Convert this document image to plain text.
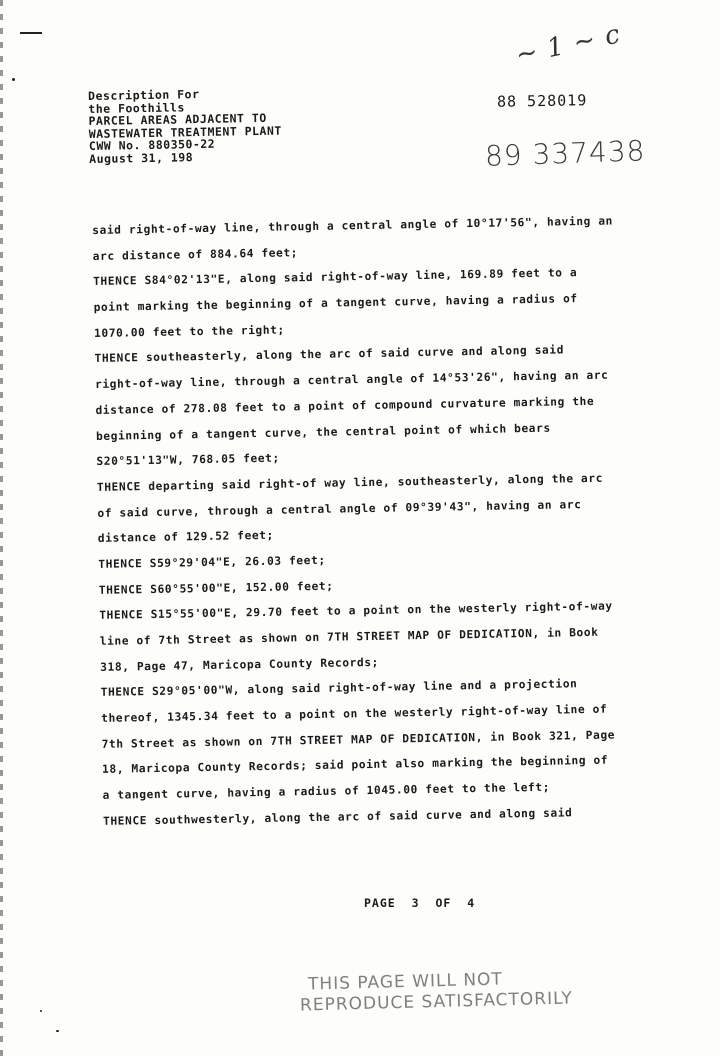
~ 1 ~ c
Description For
the Foothills
PARCEL AREAS ADJACENT TO
WASTEWATER TREATMENT PLANT
CWW No. 880350-22
August 31, 198
88 528019
89 337438
said right-of-way line, through a central angle of 10°17'56", having an
arc distance of 884.64 feet;
THENCE S84°02'13"E, along said right-of-way line, 169.89 feet to a
point marking the beginning of a tangent curve, having a radius of
1070.00 feet to the right;
THENCE southeasterly, along the arc of said curve and along said
right-of-way line, through a central angle of 14°53'26", having an arc
distance of 278.08 feet to a point of compound curvature marking the
beginning of a tangent curve, the central point of which bears
S20°51'13"W, 768.05 feet;
THENCE departing said right-of way line, southeasterly, along the arc
of said curve, through a central angle of 09°39'43", having an arc
distance of 129.52 feet;
THENCE S59°29'04"E, 26.03 feet;
THENCE S60°55'00"E, 152.00 feet;
THENCE S15°55'00"E, 29.70 feet to a point on the westerly right-of-way
line of 7th Street as shown on 7TH STREET MAP OF DEDICATION, in Book
318, Page 47, Maricopa County Records;
THENCE S29°05'00"W, along said right-of-way line and a projection
thereof, 1345.34 feet to a point on the westerly right-of-way line of
7th Street as shown on 7TH STREET MAP OF DEDICATION, in Book 321, Page
18, Maricopa County Records; said point also marking the beginning of
a tangent curve, having a radius of 1045.00 feet to the left;
THENCE southwesterly, along the arc of said curve and along said
PAGE 3 OF 4
THIS PAGE WILL NOT
REPRODUCE SATISFACTORILY
